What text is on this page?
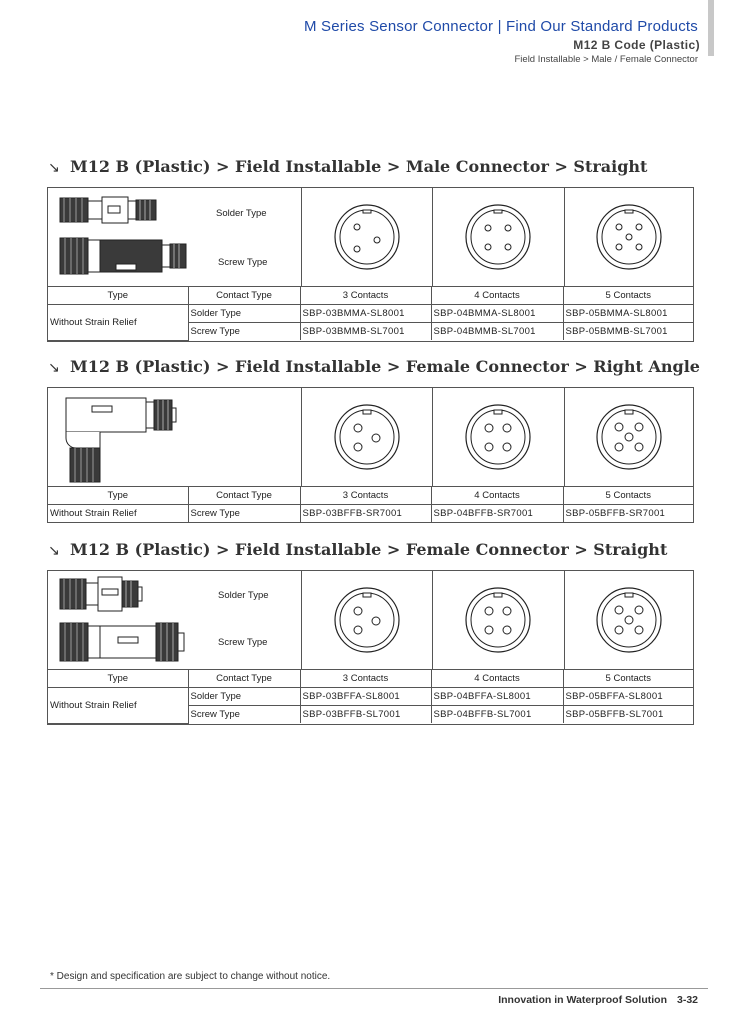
M Series Sensor Connector | Find Our Standard Products
M12 B Code (Plastic)
Field Installable > Male / Female Connector
↘ M12 B (Plastic) > Field Installable > Male Connector > Straight
Solder Type
Screw Type
Type	Contact Type	3 Contacts	4 Contacts	5 Contacts
Without Strain Relief	Solder Type	SBP-03BMMA-SL8001	SBP-04BMMA-SL8001	SBP-05BMMA-SL8001
	Screw Type	SBP-03BMMB-SL7001	SBP-04BMMB-SL7001	SBP-05BMMB-SL7001
↘ M12 B (Plastic) > Field Installable > Female Connector > Right Angle
Type	Contact Type	3 Contacts	4 Contacts	5 Contacts
Without Strain Relief	Screw Type	SBP-03BFFB-SR7001	SBP-04BFFB-SR7001	SBP-05BFFB-SR7001
↘ M12 B (Plastic) > Field Installable > Female Connector > Straight
Solder Type
Screw Type
Type	Contact Type	3 Contacts	4 Contacts	5 Contacts
Without Strain Relief	Solder Type	SBP-03BFFA-SL8001	SBP-04BFFA-SL8001	SBP-05BFFA-SL8001
	Screw Type	SBP-03BFFB-SL7001	SBP-04BFFB-SL7001	SBP-05BFFB-SL7001
* Design and specification are subject to change without notice.
Innovation in Waterproof Solution 3-32
